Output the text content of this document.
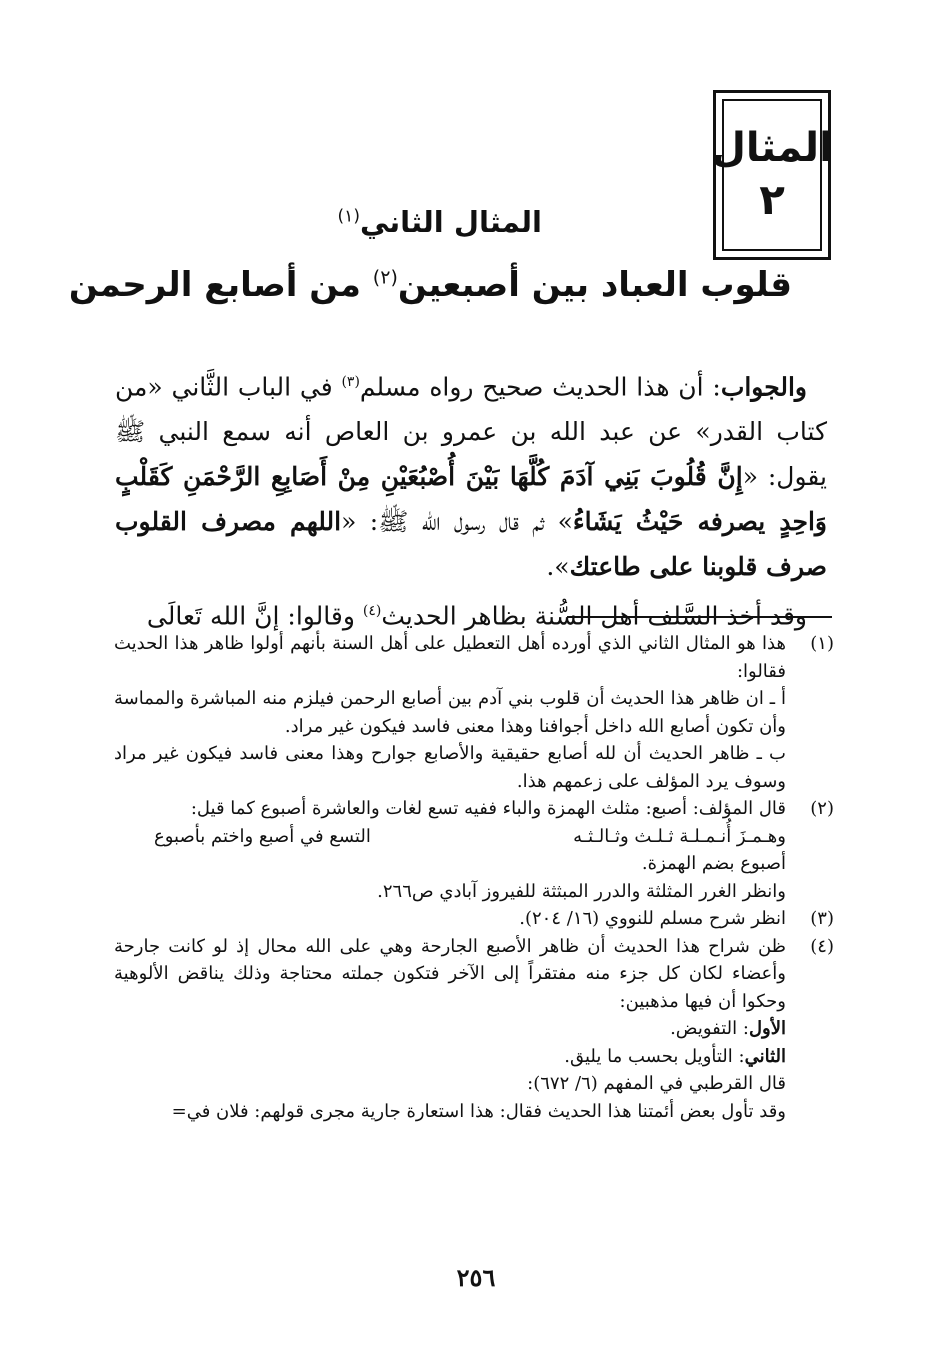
المثال
٢
المثال الثاني$^{(١)}$
قلوب العباد بين أصبعين$^{(٢)}$ من أصابع الرحمن

والجواب: أن هذا الحديث صحيح رواه مسلم$^{(٣)}$ في الباب الثَّاني «من كتاب القدر» عن عبد الله بن عمرو بن العاص أنه سمع النبي ﷺ يقول: «إِنَّ قُلُوبَ بَنِي آدَمَ كُلَّهَا بَيْنَ أُصْبُعَيْنِ مِنْ أَصَابِعِ الرَّحْمَنِ كَقَلْبٍ وَاحِدٍ يصرفه حَيْثُ يَشَاءُ» ثم قال رسول الله ﷺ: «اللهم مصرف القلوب صرف قلوبنا على طاعتك».

وقد أخذ السَّلف أهل السُّنة بظاهر الحديث$^{(٤)}$ وقالوا: إنَّ الله تَعالَى

(١)

هذا هو المثال الثاني الذي أورده أهل التعطيل على أهل السنة بأنهم أولوا ظاهر هذا الحديث فقالوا:

أ ـ ان ظاهر هذا الحديث أن قلوب بني آدم بين أصابع الرحمن فيلزم منه المباشرة والمماسة وأن تكون أصابع الله داخل أجوافنا وهذا معنى فاسد فيكون غير مراد.

ب ـ ظاهر الحديث أن لله أصابع حقيقية والأصابع جوارح وهذا معنى فاسد فيكون غير مراد وسوف يرد المؤلف على زعمهم هذا.

(٢)

قال المؤلف: أصبع: مثلث الهمزة والباء ففيه تسع لغات والعاشرة أصبوع كما قيل:

وهـمـزَ أُنـمـلـة ثـلـث وثـالـثـه
التسع في أصبع واختم بأصبوع

أصبوع بضم الهمزة.

وانظر الغرر المثلثة والدرر المبثثة للفيروز آبادي ص٢٦٦.

(٣)

انظر شرح مسلم للنووي (١٦/ ٢٠٤).

(٤)

ظن شراح هذا الحديث أن ظاهر الأصبع الجارحة وهي على الله محال إذ لو كانت جارحة وأعضاء لكان كل جزء منه مفتقراً إلى الآخر فتكون جملته محتاجة وذلك يناقض الألوهية وحكوا أن فيها مذهبين:

الأول: التفويض.

الثاني: التأويل بحسب ما يليق.

قال القرطبي في المفهم (٦/ ٦٧٢):

وقد تأول بعض أئمتنا هذا الحديث فقال: هذا استعارة جارية مجرى قولهم: فلان في=

٢٥٦
